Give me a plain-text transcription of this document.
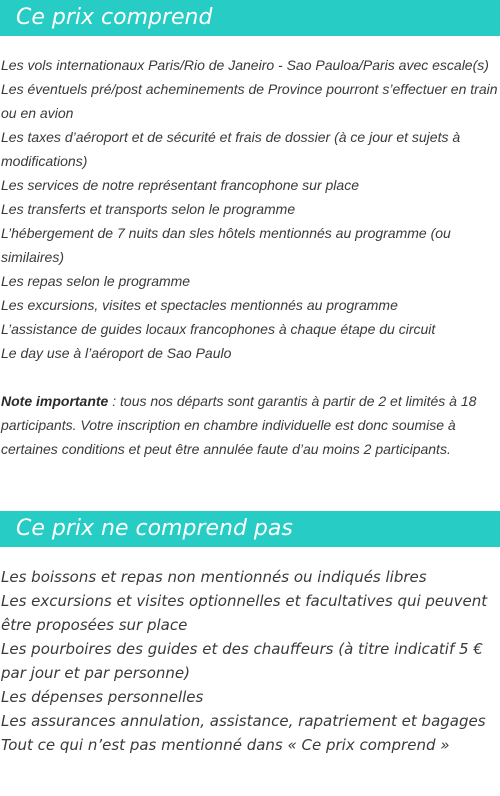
Ce prix comprend
Les vols internationaux Paris/Rio de Janeiro - Sao Pauloa/Paris avec escale(s)
Les éventuels pré/post acheminements de Province pourront s’effectuer en train ou en avion
Les taxes d’aéroport et de sécurité et frais de dossier (à ce jour et sujets à modifications)
Les services de notre représentant francophone sur place
Les transferts et transports selon le programme
L’hébergement de 7 nuits dan sles hôtels mentionnés au programme (ou similaires)
Les repas selon le programme
Les excursions, visites et spectacles mentionnés au programme
L’assistance de guides locaux francophones à chaque étape du circuit
Le day use à l’aéroport de Sao Paulo
Note importante : tous nos départs sont garantis à partir de 2 et limités à 18 participants. Votre inscription en chambre individuelle est donc soumise à certaines conditions et peut être annulée faute d’au moins 2 participants.
Ce prix ne comprend pas
Les boissons et repas non mentionnés ou indiqués libres
Les excursions et visites optionnelles et facultatives qui peuvent être proposées sur place
Les pourboires des guides et des chauffeurs (à titre indicatif 5 € par jour et par personne)
Les dépenses personnelles
Les assurances annulation, assistance, rapatriement et bagages
Tout ce qui n’est pas mentionné dans « Ce prix comprend »
